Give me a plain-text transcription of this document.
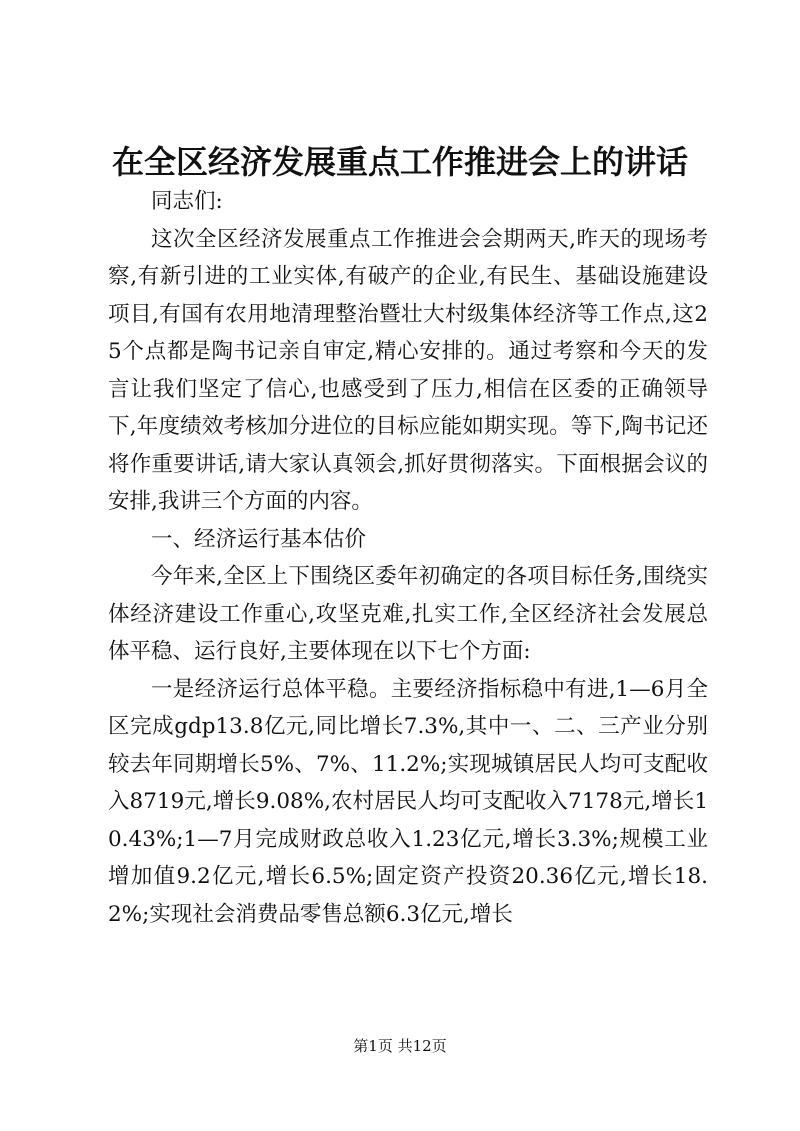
在全区经济发展重点工作推进会上的讲话

同志们:

这次全区经济发展重点工作推进会会期两天,昨天的现场考察,有新引进的工业实体,有破产的企业,有民生、基础设施建设项目,有国有农用地清理整治暨壮大村级集体经济等工作点,这25个点都是陶书记亲自审定,精心安排的。通过考察和今天的发言让我们坚定了信心,也感受到了压力,相信在区委的正确领导下,年度绩效考核加分进位的目标应能如期实现。等下,陶书记还将作重要讲话,请大家认真领会,抓好贯彻落实。下面根据会议的安排,我讲三个方面的内容。

一、经济运行基本估价

今年来,全区上下围绕区委年初确定的各项目标任务,围绕实体经济建设工作重心,攻坚克难,扎实工作,全区经济社会发展总体平稳、运行良好,主要体现在以下七个方面:

一是经济运行总体平稳。主要经济指标稳中有进,1—6月全区完成gdp13.8亿元,同比增长7.3%,其中一、二、三产业分别较去年同期增长5%、7%、11.2%;实现城镇居民人均可支配收入8719元,增长9.08%,农村居民人均可支配收入7178元,增长10.43%;1—7月完成财政总收入1.23亿元,增长3.3%;规模工业增加值9.2亿元,增长6.5%;固定资产投资20.36亿元,增长18.2%;实现社会消费品零售总额6.3亿元,增长

第1页 共12页
